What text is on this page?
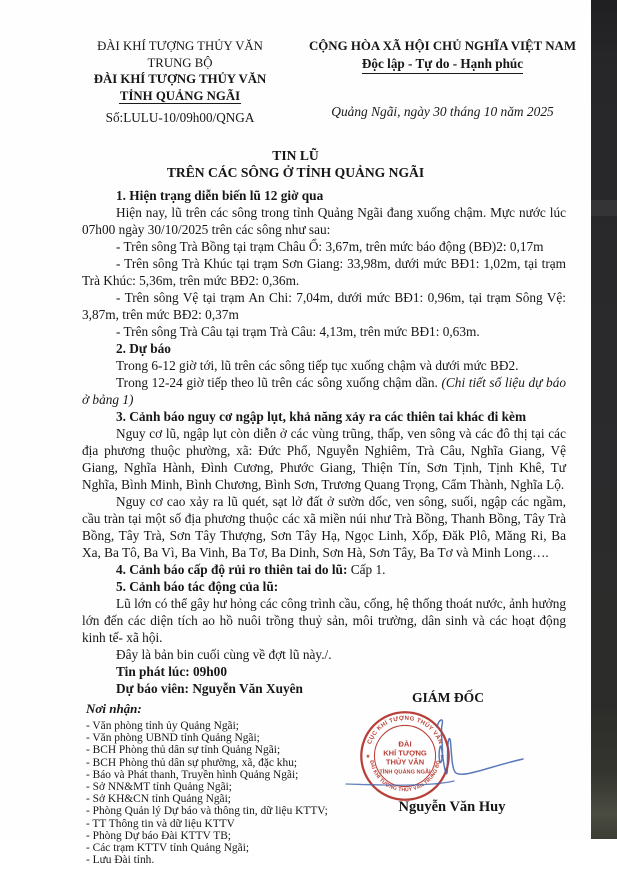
ĐÀI KHÍ TƯỢNG THỦY VĂN
TRUNG BỘ
ĐÀI KHÍ TƯỢNG THỦY VĂN
TỈNH QUẢNG NGÃI
Số:LULU-10/09h00/QNGA
CỘNG HÒA XÃ HỘI CHỦ NGHĨA VIỆT NAM
Độc lập - Tự do - Hạnh phúc
Quảng Ngãi, ngày 30 tháng 10 năm 2025
TIN LŨ
TRÊN CÁC SÔNG Ở TỈNH QUẢNG NGÃI

1. Hiện trạng diễn biến lũ 12 giờ qua

Hiện nay, lũ trên các sông trong tỉnh Quảng Ngãi đang xuống chậm. Mực nước lúc 07h00 ngày 30/10/2025 trên các sông như sau:

- Trên sông Trà Bồng tại trạm Châu Ổ: 3,67m, trên mức báo động (BĐ)2: 0,17m

- Trên sông Trà Khúc tại trạm Sơn Giang: 33,98m, dưới mức BĐ1: 1,02m, tại trạm Trà Khúc: 5,36m, trên mức BĐ2: 0,36m.

- Trên sông Vệ tại trạm An Chi: 7,04m, dưới mức BĐ1: 0,96m, tại trạm Sông Vệ: 3,87m, trên mức BĐ2: 0,37m

- Trên sông Trà Câu tại trạm Trà Câu: 4,13m, trên mức BĐ1: 0,63m.

2. Dự báo

Trong 6-12 giờ tới, lũ trên các sông tiếp tục xuống chậm và dưới mức BĐ2.

Trong 12-24 giờ tiếp theo lũ trên các sông xuống chậm dần. (Chi tiết số liệu dự báo ở bảng 1)

3. Cảnh báo nguy cơ ngập lụt, khả năng xảy ra các thiên tai khác đi kèm

Nguy cơ lũ, ngập lụt còn diễn ở các vùng trũng, thấp, ven sông và các đô thị tại các địa phương thuộc phường, xã: Đức Phổ, Nguyễn Nghiêm, Trà Câu, Nghĩa Giang, Vệ Giang, Nghĩa Hành, Đình Cương, Phước Giang, Thiện Tín, Sơn Tịnh, Tịnh Khê, Tư Nghĩa, Bình Minh, Bình Chương, Bình Sơn, Trương Quang Trọng, Cẩm Thành, Nghĩa Lộ.

Nguy cơ cao xảy ra lũ quét, sạt lở đất ở sườn dốc, ven sông, suối, ngập các ngầm, cầu tràn tại một số địa phương thuộc các xã miền núi như Trà Bồng, Thanh Bồng, Tây Trà Bồng, Tây Trà, Sơn Tây Thượng, Sơn Tây Hạ, Ngọc Linh, Xốp, Đăk Plô, Măng Ri, Ba Xa, Ba Tô, Ba Vì, Ba Vinh, Ba Tơ, Ba Dinh, Sơn Hà, Sơn Tây, Ba Tơ và Minh Long….

4. Cảnh báo cấp độ rủi ro thiên tai do lũ: Cấp 1.

5. Cảnh báo tác động của lũ:

Lũ lớn có thể gây hư hỏng các công trình cầu, cống, hệ thống thoát nước, ảnh hưởng lớn đến các diện tích ao hồ nuôi trồng thuỷ sản, môi trường, dân sinh và các hoạt động kinh tế- xã hội.

Đây là bản bin cuối cùng về đợt lũ này./.

Tin phát lúc: 09h00

Dự báo viên: Nguyễn Văn Xuyên

Nơi nhận:
- Văn phòng tỉnh ủy Quảng Ngãi;
- Văn phòng UBND tỉnh Quảng Ngãi;
- BCH Phòng thủ dân sự tỉnh Quảng Ngãi;
- BCH Phòng thủ dân sự phường, xã, đặc khu;
- Báo và Phát thanh, Truyền hình Quảng Ngãi;
- Sở NN&MT tỉnh Quảng Ngãi;
- Sở KH&CN tỉnh Quảng Ngãi;
- Phòng Quản lý Dự báo và thông tin, dữ liệu KTTV;
- TT Thông tin và dữ liệu KTTV
- Phòng Dự báo Đài KTTV TB;
- Các trạm KTTV tỉnh Quảng Ngãi;
- Lưu Đài tỉnh.
GIÁM ĐỐC
CỤC KHÍ TƯỢNG THỦY VĂN
ĐÀI KHÍ TƯỢNG THỦY VĂN TRUNG BỘ
★	★
ĐÀI
KHÍ TƯỢNG
THỦY VĂN
TỈNH QUẢNG NGÃI
Nguyễn Văn Huy
